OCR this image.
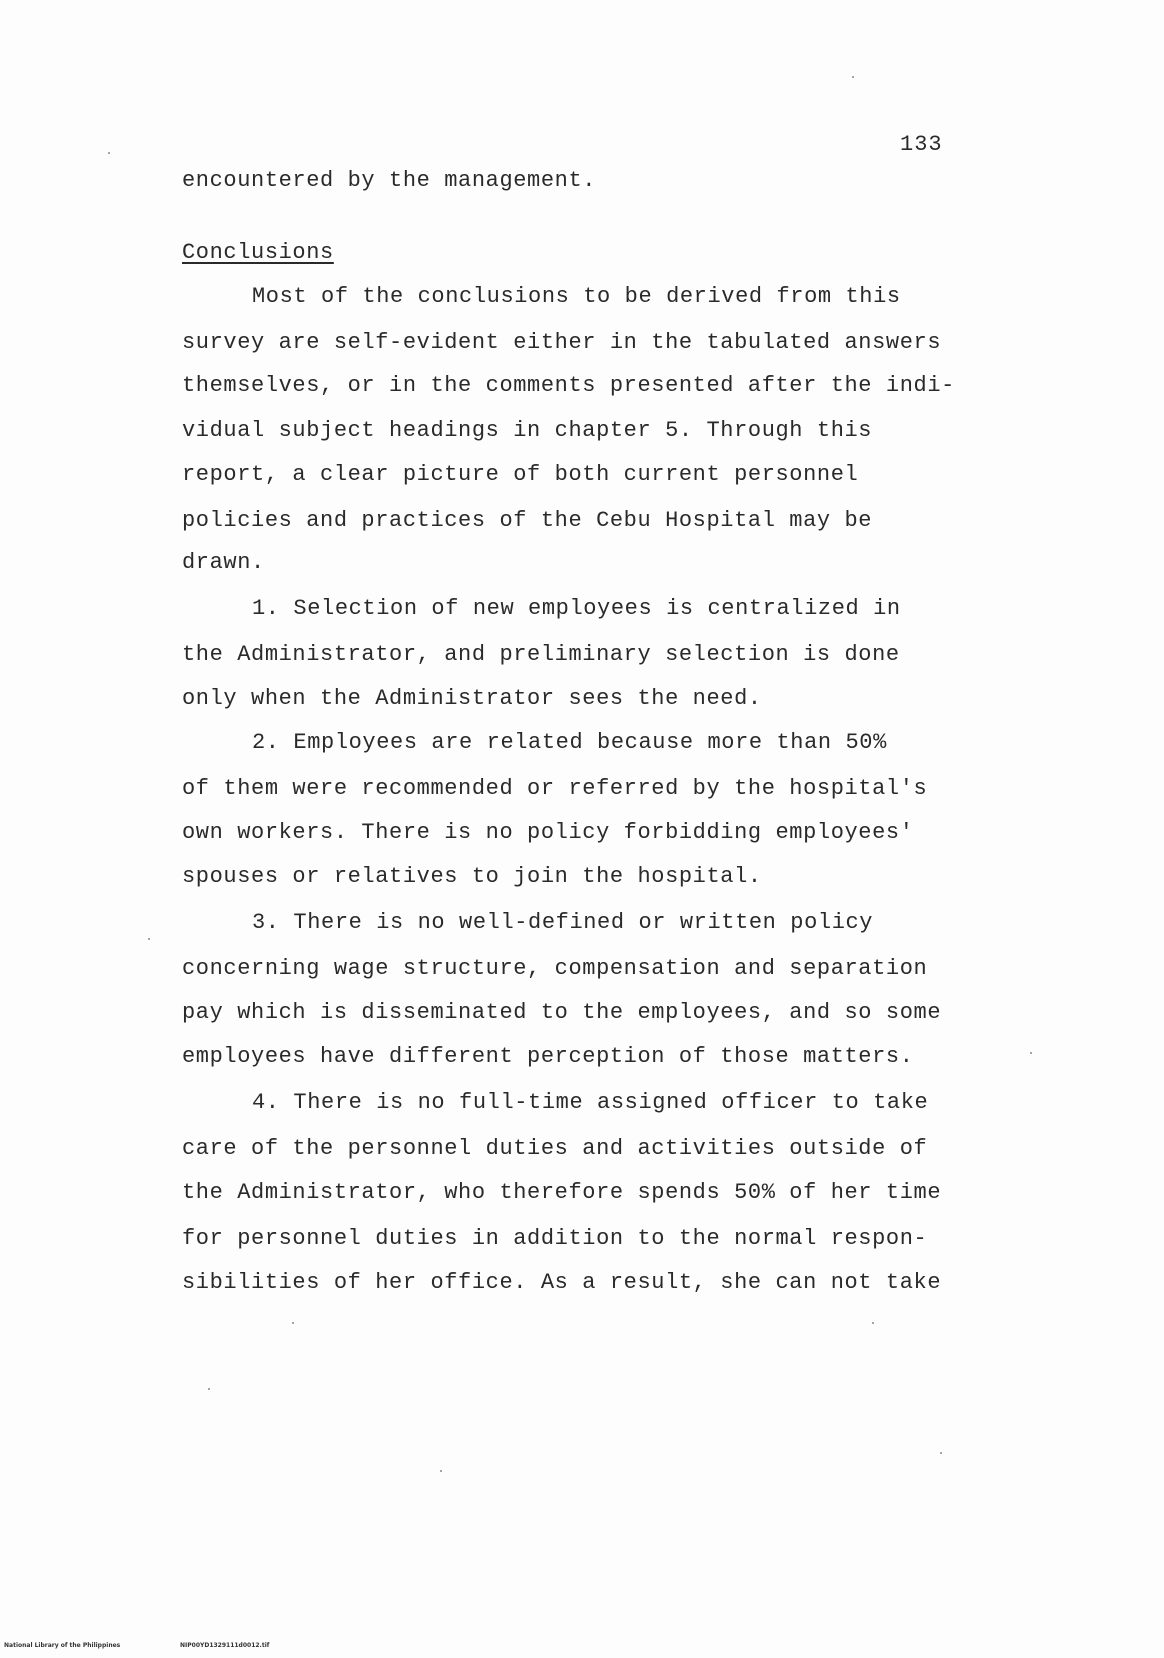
133
encountered by the management.
Conclusions
Most of the conclusions to be derived from this
survey are self-evident either in the tabulated answers
themselves, or in the comments presented after the indi-
vidual subject headings in chapter 5. Through this
report, a clear picture of both current personnel
policies and practices of the Cebu Hospital may be
drawn.
1. Selection of new employees is centralized in
the Administrator, and preliminary selection is done
only when the Administrator sees the need.
2. Employees are related because more than 50%
of them were recommended or referred by the hospital's
own workers. There is no policy forbidding employees'
spouses or relatives to join the hospital.
3. There is no well-defined or written policy
concerning wage structure, compensation and separation
pay which is disseminated to the employees, and so some
employees have different perception of those matters.
4. There is no full-time assigned officer to take
care of the personnel duties and activities outside of
the Administrator, who therefore spends 50% of her time
for personnel duties in addition to the normal respon-
sibilities of her office. As a result, she can not take
National Library of the Philippines	NIP00YD1329111d0012.tif
